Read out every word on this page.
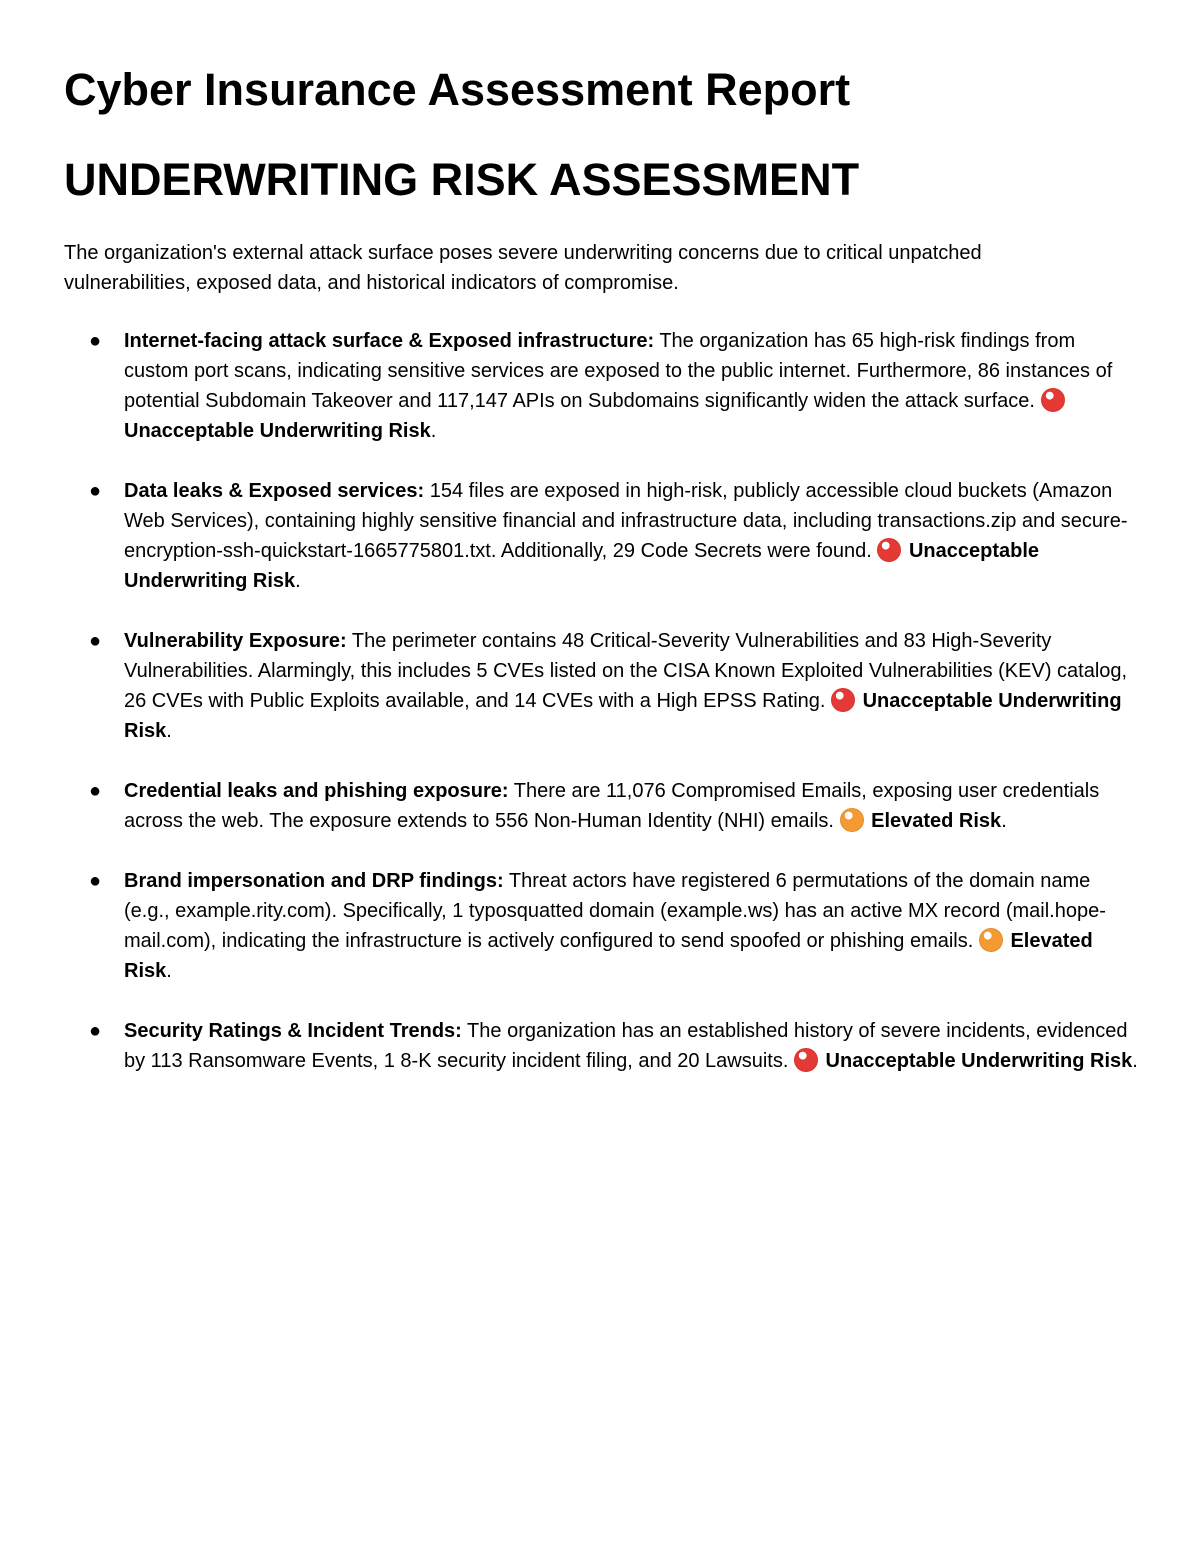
Cyber Insurance Assessment Report
UNDERWRITING RISK ASSESSMENT

The organization's external attack surface poses severe underwriting concerns due to critical unpatched vulnerabilities, exposed data, and historical indicators of compromise.

● Internet-facing attack surface & Exposed infrastructure: The organization has 65 high-risk findings from custom port scans, indicating sensitive services are exposed to the public internet. Furthermore, 86 instances of potential Subdomain Takeover and 117,147 APIs on Subdomains significantly widen the attack surface.  Unacceptable Underwriting Risk.
● Data leaks & Exposed services: 154 files are exposed in high-risk, publicly accessible cloud buckets (Amazon Web Services), containing highly sensitive financial and infrastructure data, including transactions.zip and secure-encryption-ssh-quickstart-1665775801.txt. Additionally, 29 Code Secrets were found. Unacceptable Underwriting Risk.
● Vulnerability Exposure: The perimeter contains 48 Critical-Severity Vulnerabilities and 83 High-Severity Vulnerabilities. Alarmingly, this includes 5 CVEs listed on the CISA Known Exploited Vulnerabilities (KEV) catalog, 26 CVEs with Public Exploits available, and 14 CVEs with a High EPSS Rating. Unacceptable Underwriting Risk.
● Credential leaks and phishing exposure: There are 11,076 Compromised Emails, exposing user credentials across the web. The exposure extends to 556 Non-Human Identity (NHI) emails. Elevated Risk.
● Brand impersonation and DRP findings: Threat actors have registered 6 permutations of the domain name (e.g., example.rity.com). Specifically, 1 typosquatted domain (example.ws) has an active MX record (mail.hope-mail.com), indicating the infrastructure is actively configured to send spoofed or phishing emails. Elevated Risk.
● Security Ratings & Incident Trends: The organization has an established history of severe incidents, evidenced by 113 Ransomware Events, 1 8-K security incident filing, and 20 Lawsuits. Unacceptable Underwriting Risk.
